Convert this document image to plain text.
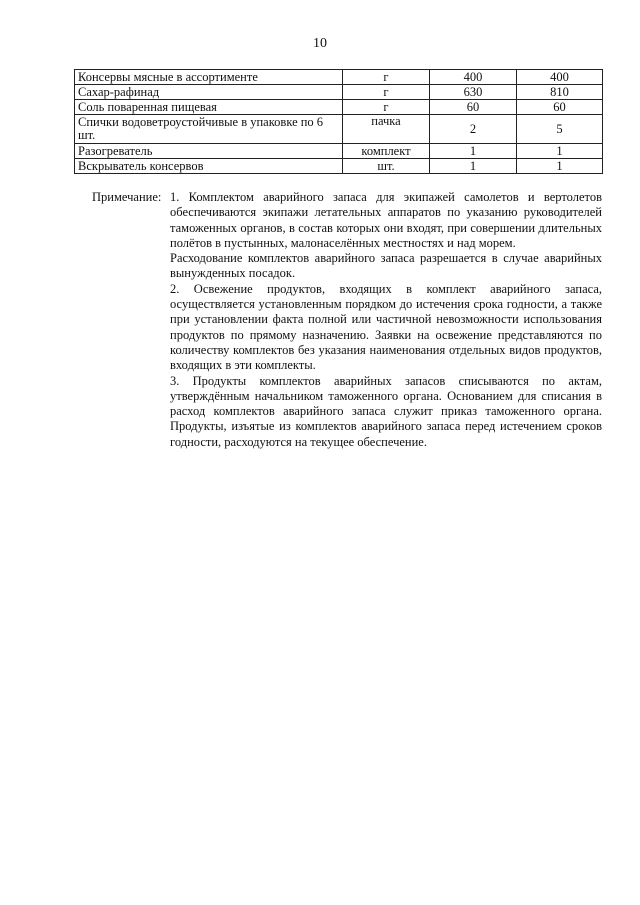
10
Консервы мясные в ассортименте	г	400	400
Сахар-рафинад	г	630	810
Соль поваренная пищевая	г	60	60
Спички водоветроустойчивые в упаковке по 6 шт.	пачка	2	5
Разогреватель	комплект	1	1
Вскрыватель консервов	шт.	1	1
Примечание: 1. Комплектом аварийного запаса для экипажей самолетов и вертолетов обеспечиваются экипажи летательных аппаратов по указанию руководителей таможенных органов, в состав которых они входят, при совершении длительных полётов в пустынных, малонаселённых местностях и над морем.

Расходование комплектов аварийного запаса разрешается в случае аварийных вынужденных посадок.

2. Освежение продуктов, входящих в комплект аварийного запаса, осуществляется установленным порядком до истечения срока годности, а также при установлении факта полной или частичной невозможности использования продуктов по прямому назначению. Заявки на освежение представляются по количеству комплектов без указания наименования отдельных видов продуктов, входящих в эти комплекты.

3. Продукты комплектов аварийных запасов списываются по актам, утверждённым начальником таможенного органа. Основанием для списания в расход комплектов аварийного запаса служит приказ таможенного органа. Продукты, изъятые из комплектов аварийного запаса перед истечением сроков годности, расходуются на текущее обеспечение.
